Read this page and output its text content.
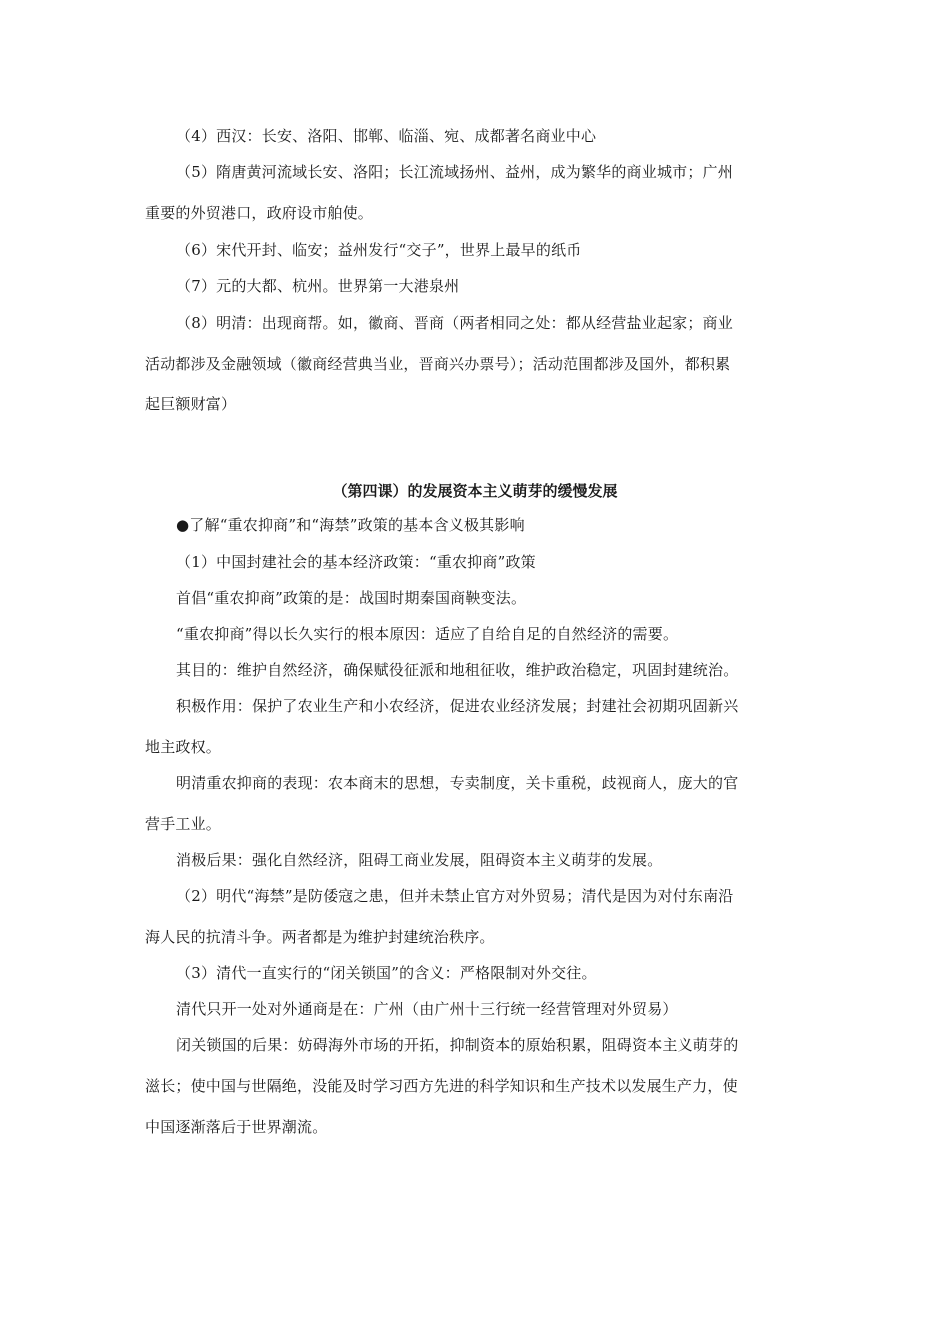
（4）西汉：长安、洛阳、邯郸、临淄、宛、成都著名商业中心
（5）隋唐黄河流域长安、洛阳；长江流域扬州、益州，成为繁华的商业城市；广州
重要的外贸港口，政府设市舶使。
（6）宋代开封、临安；益州发行“交子”，世界上最早的纸币
（7）元的大都、杭州。世界第一大港泉州
（8）明清：出现商帮。如，徽商、晋商（两者相同之处：都从经营盐业起家；商业
活动都涉及金融领域（徽商经营典当业，晋商兴办票号）；活动范围都涉及国外，都积累
起巨额财富）
（第四课）的发展资本主义萌芽的缓慢发展
●了解“重农抑商”和“海禁”政策的基本含义极其影响
（1）中国封建社会的基本经济政策：“重农抑商”政策
首倡“重农抑商”政策的是：战国时期秦国商鞅变法。
“重农抑商”得以长久实行的根本原因：适应了自给自足的自然经济的需要。
其目的：维护自然经济，确保赋役征派和地租征收，维护政治稳定，巩固封建统治。
积极作用：保护了农业生产和小农经济，促进农业经济发展；封建社会初期巩固新兴
地主政权。
明清重农抑商的表现：农本商末的思想，专卖制度，关卡重税，歧视商人，庞大的官
营手工业。
消极后果：强化自然经济，阻碍工商业发展，阻碍资本主义萌芽的发展。
（2）明代“海禁”是防倭寇之患，但并未禁止官方对外贸易；清代是因为对付东南沿
海人民的抗清斗争。两者都是为维护封建统治秩序。
（3）清代一直实行的“闭关锁国”的含义：严格限制对外交往。
清代只开一处对外通商是在：广州（由广州十三行统一经营管理对外贸易）
闭关锁国的后果：妨碍海外市场的开拓，抑制资本的原始积累，阻碍资本主义萌芽的
滋长；使中国与世隔绝，没能及时学习西方先进的科学知识和生产技术以发展生产力，使
中国逐渐落后于世界潮流。
